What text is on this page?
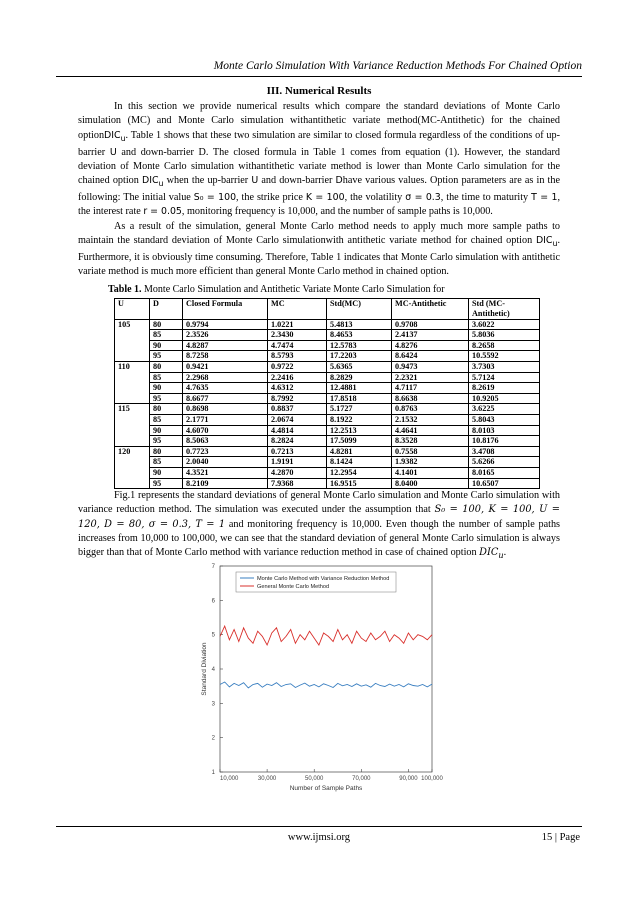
Monte Carlo Simulation With Variance Reduction Methods For Chained Option
III. Numerical Results

In this section we provide numerical results which compare the standard deviations of Monte Carlo simulation (MC) and Monte Carlo simulation withantithetic variate method(MC-Antithetic) for the chained optionDIC$_u$. Table 1 shows that these two simulation are similar to closed formula regardless of the conditions of up-barrier U and down-barrier D. The closed formula in Table 1 comes from equation (1). However, the standard deviation of Monte Carlo simulation withantithetic variate method is lower than Monte Carlo simulation for the chained option $DIC_u$ when the up-barrier U and down-barrier Dhave various values. Option parameters are as in the following: The initial value S₀ = 100, the strike price K = 100, the volatility σ = 0.3, the time to maturity T = 1, the interest rate r = 0.05, monitoring frequency is 10,000, and the number of sample paths is 10,000.

As a result of the simulation, general Monte Carlo method needs to apply much more sample paths to maintain the standard deviation of Monte Carlo simulationwith antithetic variate method for chained option $DIC_u$. Furthermore, it is obviously time consuming. Therefore, Table 1 indicates that Monte Carlo simulation with antithetic variate method is much more efficient than general Monte Carlo method in chained option.

Table 1. Monte Carlo Simulation and Antithetic Variate Monte Carlo Simulation for
U	D	Closed Formula	MC	Std(MC)	MC-Antithetic	Std (MC-Antithetic)
105	80	0.9794	1.0221	5.4813	0.9708	3.6022
	85	2.3526	2.3430	8.4653	2.4137	5.8036
	90	4.8287	4.7474	12.5783	4.8276	8.2658
	95	8.7258	8.5793	17.2203	8.6424	10.5592
110	80	0.9421	0.9722	5.6365	0.9473	3.7303
	85	2.2968	2.2416	8.2829	2.2321	5.7124
	90	4.7635	4.6312	12.4881	4.7117	8.2619
	95	8.6677	8.7992	17.8518	8.6638	10.9205
115	80	0.8698	0.8837	5.1727	0.8763	3.6225
	85	2.1771	2.0674	8.1922	2.1532	5.8043
	90	4.6070	4.4814	12.2513	4.4641	8.0103
	95	8.5063	8.2824	17.5099	8.3528	10.8176
120	80	0.7723	0.7213	4.8281	0.7558	3.4708
	85	2.0040	1.9191	8.1424	1.9382	5.6266
	90	4.3521	4.2870	12.2954	4.1401	8.0165
	95	8.2109	7.9368	16.9515	8.0400	10.6507

Fig.1 represents the standard deviations of general Monte Carlo simulation and Monte Carlo simulation with variance reduction method. The simulation was executed under the assumption that S₀ = 100, K = 100, U = 120, D = 80, σ = 0.3, T = 1 and monitoring frequency is 10,000. Even though the number of sample paths increases from 10,000 to 100,000, we can see that the standard deviation of general Monte Carlo simulation is always bigger than that of Monte Carlo method with variance reduction method in case of chained option $DIC_u$.

1
2
3
4
5
6
7
10,000	30,000	50,000	70,000	90,000 100,000
Number of Sample Paths
Standard Diviation
Monte Carlo Method with Variance Reduction Method
General Monte Carlo Method
www.ijmsi.org	15 | Page
